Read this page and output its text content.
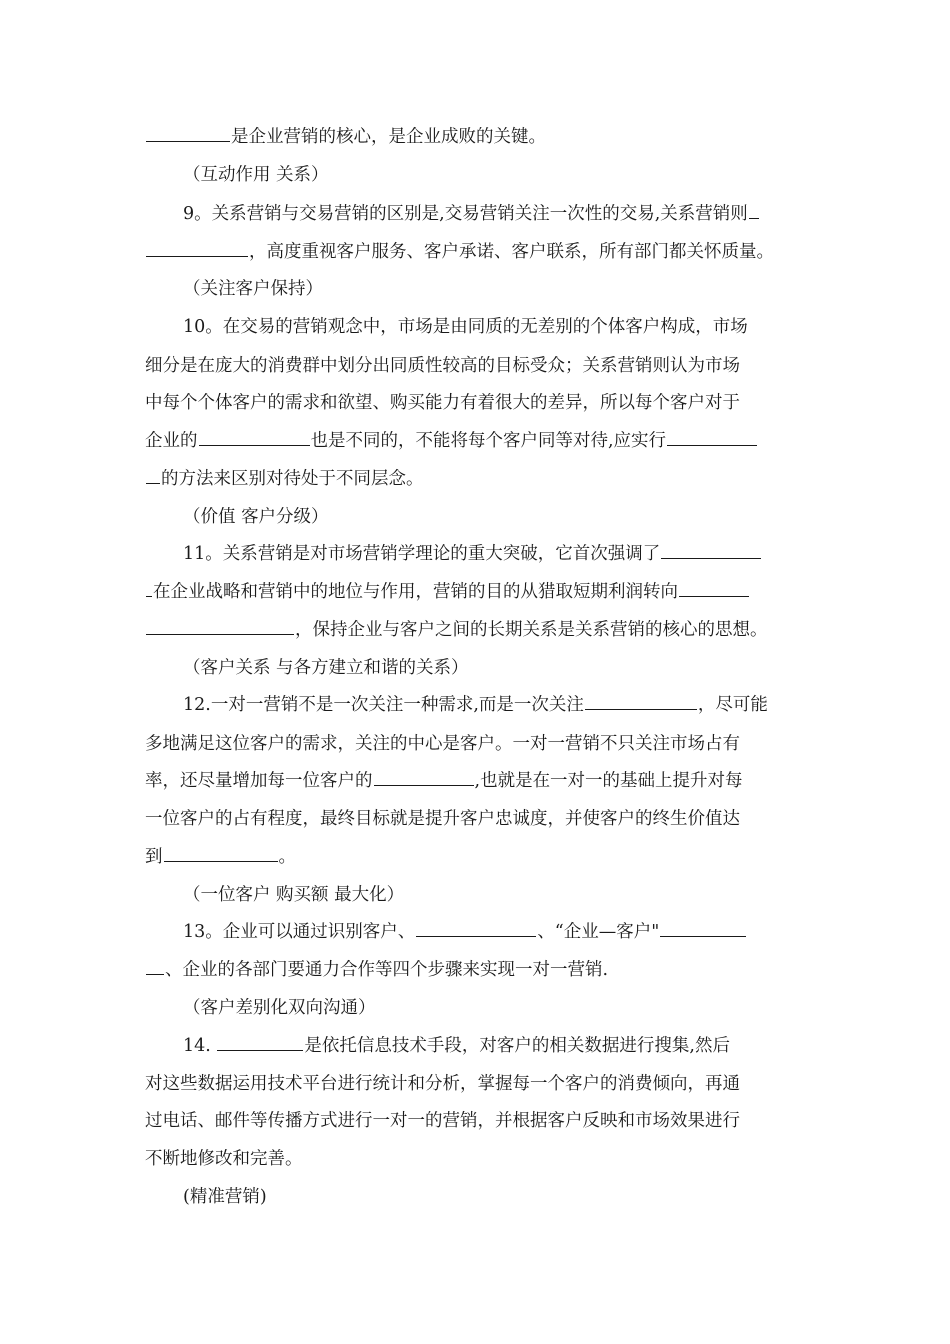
是企业营销的核心，是企业成败的关键。
（互动作用 关系）
9。关系营销与交易营销的区别是,交易营销关注一次性的交易,关系营销则
，高度重视客户服务、客户承诺、客户联系，所有部门都关怀质量。
（关注客户保持）
10。在交易的营销观念中，市场是由同质的无差别的个体客户构成，市场
细分是在庞大的消费群中划分出同质性较高的目标受众；关系营销则认为市场
中每个个体客户的需求和欲望、购买能力有着很大的差异，所以每个客户对于
企业的	也是不同的，不能将每个客户同等对待,应实行
的方法来区别对待处于不同层念。
（价值 客户分级）
11。关系营销是对市场营销学理论的重大突破，它首次强调了
在企业战略和营销中的地位与作用，营销的目的从猎取短期利润转向
，保持企业与客户之间的长期关系是关系营销的核心的思想。
（客户关系 与各方建立和谐的关系）
12.一对一营销不是一次关注一种需求,而是一次关注	，尽可能
多地满足这位客户的需求，关注的中心是客户。一对一营销不只关注市场占有
率，还尽量增加每一位客户的	,也就是在一对一的基础上提升对每
一位客户的占有程度，最终目标就是提升客户忠诚度，并使客户的终生价值达
到	。
（一位客户 购买额 最大化）
13。企业可以通过识别客户、	、“企业—客户"
、企业的各部门要通力合作等四个步骤来实现一对一营销.
（客户差别化双向沟通）
14.	是依托信息技术手段，对客户的相关数据进行搜集,然后
对这些数据运用技术平台进行统计和分析，掌握每一个客户的消费倾向，再通
过电话、邮件等传播方式进行一对一的营销，并根据客户反映和市场效果进行
不断地修改和完善。
(精准营销)
